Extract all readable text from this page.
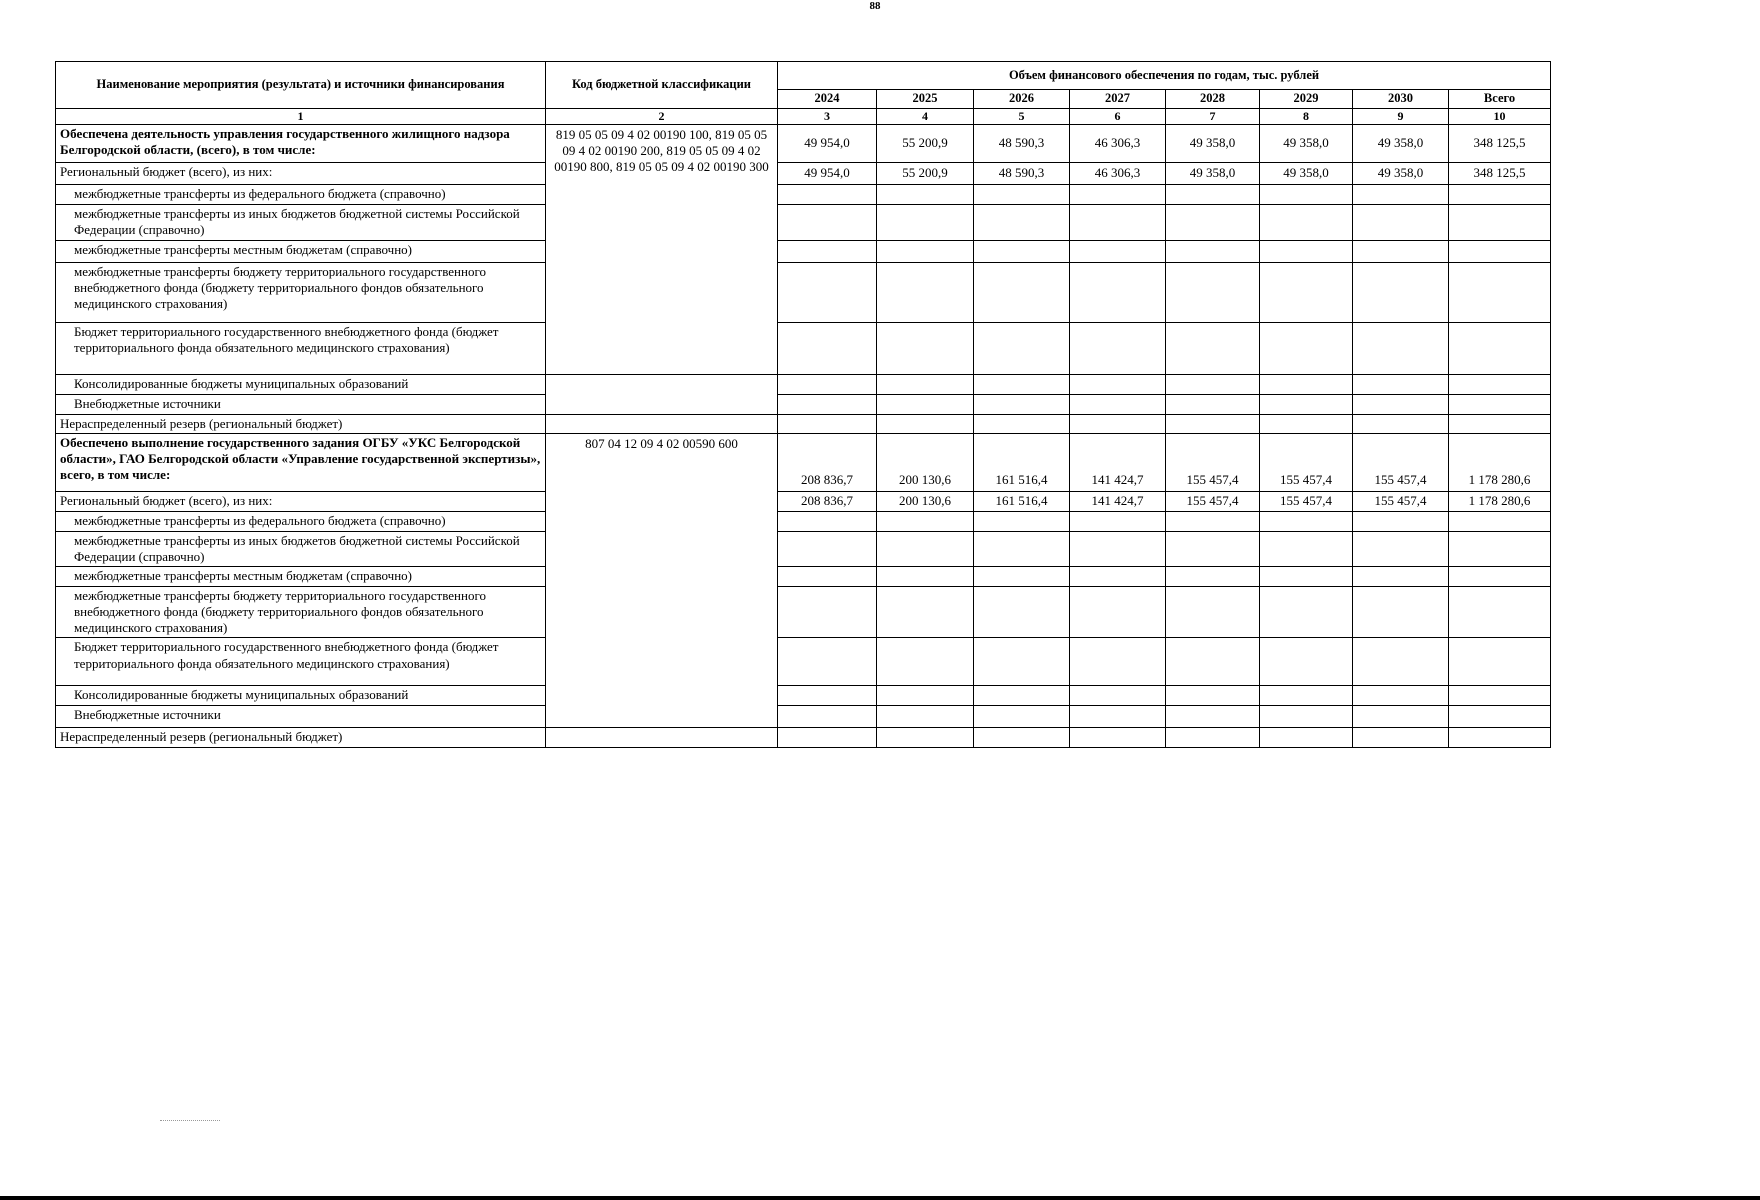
88
Наименование мероприятия (результата) и источники финансирования	Код бюджетной классификации	Объем финансового обеспечения по годам, тыс. рублей							
		2024	2025	2026	2027	2028	2029	2030	Всего
1	2	3	4	5	6	7	8	9	10
Обеспечена деятельность управления государственного жилищного надзора Белгородской области, (всего), в том числе:	819 05 05 09 4 02 00190 100, 819 05 05 09 4 02 00190 200, 819 05 05 09 4 02 00190 800, 819 05 05 09 4 02 00190 300	49 954,0	55 200,9	48 590,3	46 306,3	49 358,0	49 358,0	49 358,0	348 125,5
Региональный бюджет (всего), из них:		49 954,0	55 200,9	48 590,3	46 306,3	49 358,0	49 358,0	49 358,0	348 125,5
межбюджетные трансферты из федерального бюджета (справочно)									
межбюджетные трансферты из иных бюджетов бюджетной системы Российской Федерации (справочно)									
межбюджетные трансферты местным бюджетам (справочно)									
межбюджетные трансферты бюджету территориального государственного внебюджетного фонда (бюджету территориального фондов обязательного медицинского страхования)									
Бюджет территориального государственного внебюджетного фонда (бюджет территориального фонда обязательного медицинского страхования)									
Консолидированные бюджеты муниципальных образований									
Внебюджетные источники									
Нераспределенный резерв (региональный бюджет)									
Обеспечено выполнение государственного задания ОГБУ «УКС Белгородской области», ГАО Белгородской области «Управление государственной экспертизы», всего, в том числе:	807 04 12 09 4 02 00590 600	208 836,7	200 130,6	161 516,4	141 424,7	155 457,4	155 457,4	155 457,4	1 178 280,6
Региональный бюджет (всего), из них:		208 836,7	200 130,6	161 516,4	141 424,7	155 457,4	155 457,4	155 457,4	1 178 280,6
межбюджетные трансферты из федерального бюджета (справочно)									
межбюджетные трансферты из иных бюджетов бюджетной системы Российской Федерации (справочно)									
межбюджетные трансферты местным бюджетам (справочно)									
межбюджетные трансферты бюджету территориального государственного внебюджетного фонда (бюджету территориального фондов обязательного медицинского страхования)									
Бюджет территориального государственного внебюджетного фонда (бюджет территориального фонда обязательного медицинского страхования)									
Консолидированные бюджеты муниципальных образований									
Внебюджетные источники									
Нераспределенный резерв (региональный бюджет)									
